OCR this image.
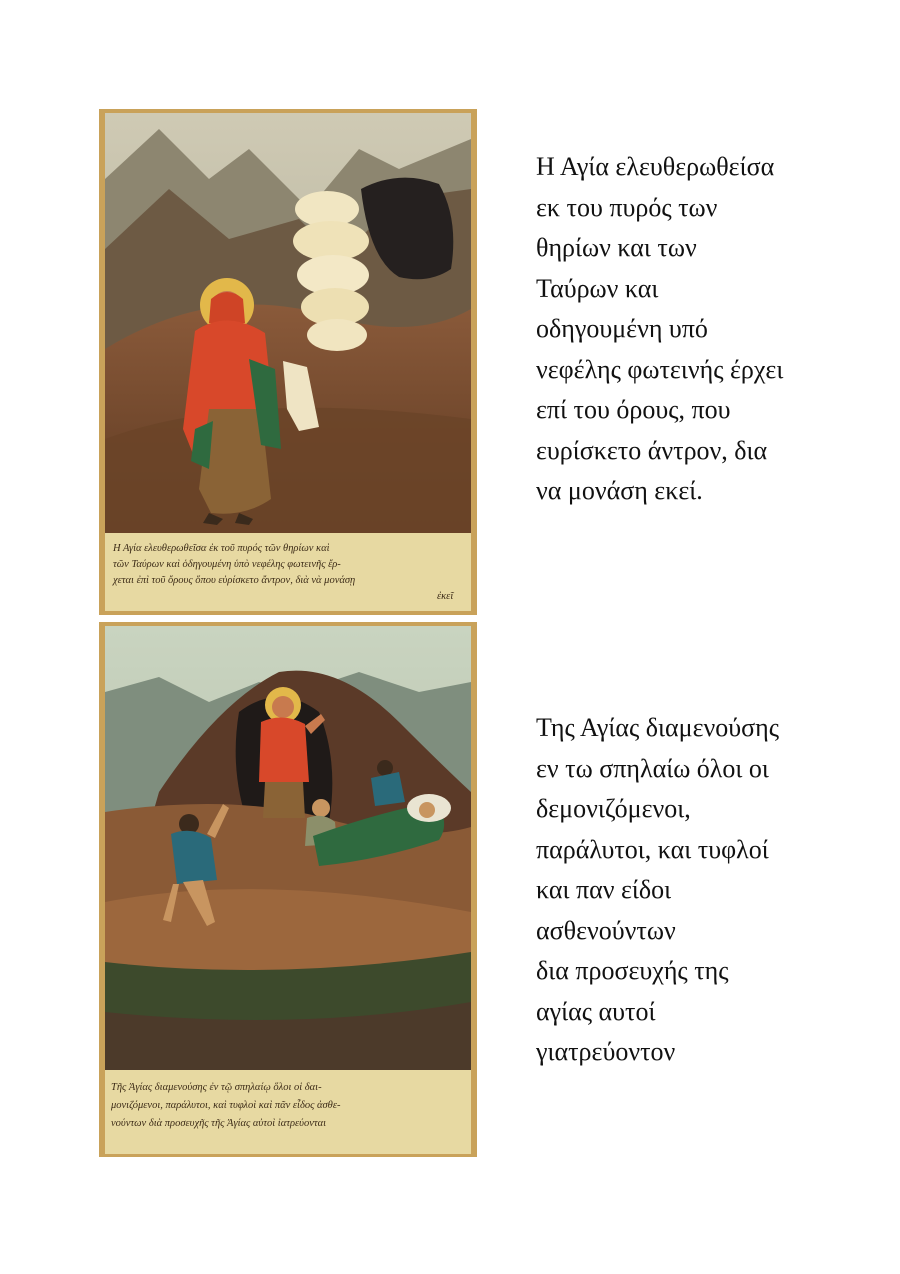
Η Αγία ελευθερωθεῖσα ἐκ τοῦ πυρός τῶν θηρίων καὶ
τῶν Ταύρων καὶ ὁδηγουμένη ὑπὸ νεφέλης φωτεινῆς ἔρ-
χεται ἐπὶ τοῦ ὄρους ὅπου εὑρίσκετο ἄντρον, διὰ νὰ μονάσῃ
ἐκεῖ
Τῆς Ἀγίας διαμενούσης ἐν τῷ σπηλαίῳ ὅλοι οἱ δαι-
μονιζόμενοι, παράλυτοι, καὶ τυφλοὶ καὶ πᾶν εἶδος ἀσθε-
νούντων διὰ προσευχῆς τῆς Ἀγίας αὐτοὶ ἰατρεύονται
Η Αγία ελευθερωθείσα
εκ του πυρός των
θηρίων και των
Ταύρων και
οδηγουμένη υπό
νεφέλης φωτεινής έρχει
επί του όρους, που
ευρίσκετο άντρον, δια
να μονάση εκεί.
Της Αγίας διαμενούσης
εν τω σπηλαίω όλοι οι
δεμονιζόμενοι,
παράλυτοι, και τυφλοί
και παν είδοι
ασθενούντων
δια προσευχής της
αγίας αυτοί
γιατρεύοντον
